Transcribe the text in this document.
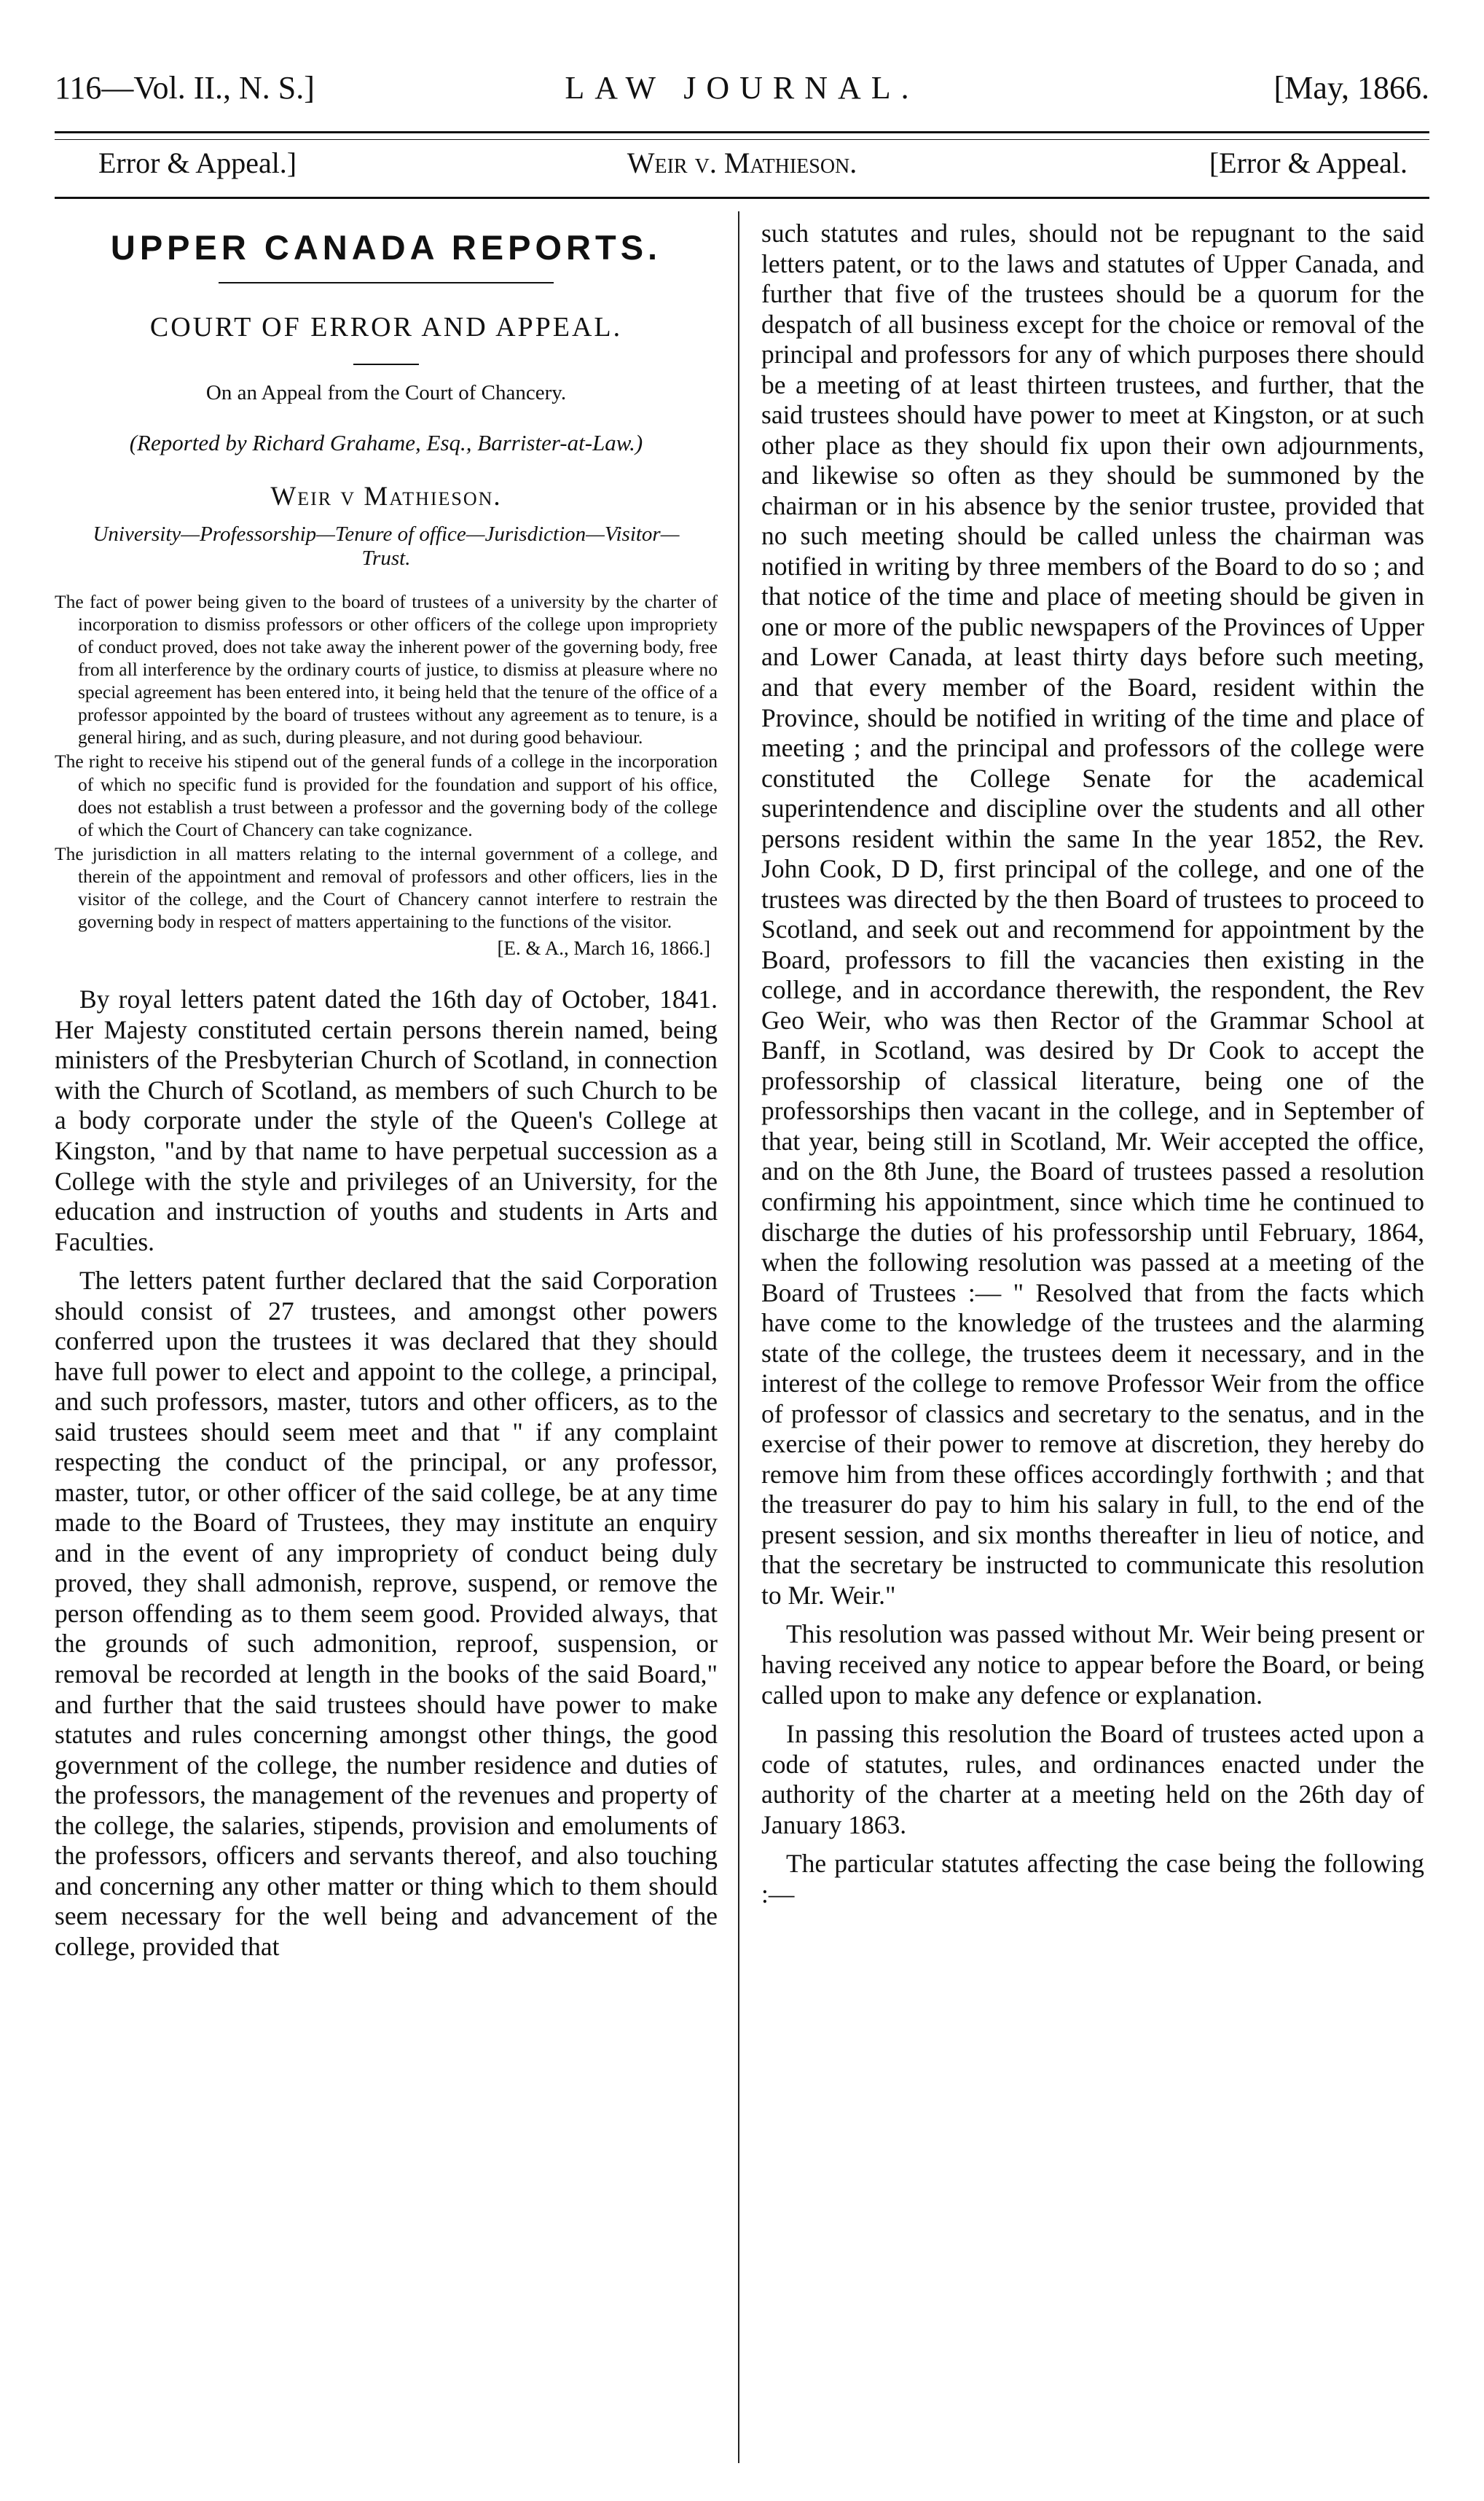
116—Vol. II., N. S.]	LAW JOURNAL.	[May, 1866.
Error & Appeal.]	Weir v. Mathieson.	[Error & Appeal.
UPPER CANADA REPORTS.
COURT OF ERROR AND APPEAL.
On an Appeal from the Court of Chancery.
(Reported by Richard Grahame, Esq., Barrister-at-Law.)
Weir v Mathieson.
University—Professorship—Tenure of office—Jurisdiction—Visitor—Trust.

The fact of power being given to the board of trustees of a university by the charter of incorporation to dismiss professors or other officers of the college upon impropriety of conduct proved, does not take away the inherent power of the governing body, free from all interference by the ordinary courts of justice, to dismiss at pleasure where no special agreement has been entered into, it being held that the tenure of the office of a professor appointed by the board of trustees without any agreement as to tenure, is a general hiring, and as such, during pleasure, and not during good behaviour.

The right to receive his stipend out of the general funds of a college in the incorporation of which no specific fund is provided for the foundation and support of his office, does not establish a trust between a professor and the governing body of the college of which the Court of Chancery can take cognizance.

The jurisdiction in all matters relating to the internal government of a college, and therein of the appointment and removal of professors and other officers, lies in the visitor of the college, and the Court of Chancery cannot interfere to restrain the governing body in respect of matters appertaining to the functions of the visitor.

[E. & A., March 16, 1866.]

By royal letters patent dated the 16th day of October, 1841. Her Majesty constituted certain persons therein named, being ministers of the Presbyterian Church of Scotland, in connection with the Church of Scotland, as members of such Church to be a body corporate under the style of the Queen's College at Kingston, "and by that name to have perpetual succession as a College with the style and privileges of an University, for the education and instruction of youths and students in Arts and Faculties.

The letters patent further declared that the said Corporation should consist of 27 trustees, and amongst other powers conferred upon the trustees it was declared that they should have full power to elect and appoint to the college, a principal, and such professors, master, tutors and other officers, as to the said trustees should seem meet and that " if any complaint respecting the conduct of the principal, or any professor, master, tutor, or other officer of the said college, be at any time made to the Board of Trustees, they may institute an enquiry and in the event of any impropriety of conduct being duly proved, they shall admonish, reprove, suspend, or remove the person offending as to them seem good. Provided always, that the grounds of such admonition, reproof, suspension, or removal be recorded at length in the books of the said Board," and further that the said trustees should have power to make statutes and rules concerning amongst other things, the good government of the college, the number residence and duties of the professors, the management of the revenues and property of the college, the salaries, stipends, provision and emoluments of the professors, officers and servants thereof, and also touching and concerning any other matter or thing which to them should seem necessary for the well being and advancement of the college, provided that

such statutes and rules, should not be repugnant to the said letters patent, or to the laws and statutes of Upper Canada, and further that five of the trustees should be a quorum for the despatch of all business except for the choice or removal of the principal and professors for any of which purposes there should be a meeting of at least thirteen trustees, and further, that the said trustees should have power to meet at Kingston, or at such other place as they should fix upon their own adjournments, and likewise so often as they should be summoned by the chairman or in his absence by the senior trustee, provided that no such meeting should be called unless the chairman was notified in writing by three members of the Board to do so ; and that notice of the time and place of meeting should be given in one or more of the public newspapers of the Provinces of Upper and Lower Canada, at least thirty days before such meeting, and that every member of the Board, resident within the Province, should be notified in writing of the time and place of meeting ; and the principal and professors of the college were constituted the College Senate for the academical superintendence and discipline over the students and all other persons resident within the same In the year 1852, the Rev. John Cook, D D, first principal of the college, and one of the trustees was directed by the then Board of trustees to proceed to Scotland, and seek out and recommend for appointment by the Board, professors to fill the vacancies then existing in the college, and in accordance therewith, the respondent, the Rev Geo Weir, who was then Rector of the Grammar School at Banff, in Scotland, was desired by Dr Cook to accept the professorship of classical literature, being one of the professorships then vacant in the college, and in September of that year, being still in Scotland, Mr. Weir accepted the office, and on the 8th June, the Board of trustees passed a resolution confirming his appointment, since which time he continued to discharge the duties of his professorship until February, 1864, when the following resolution was passed at a meeting of the Board of Trustees :— " Resolved that from the facts which have come to the knowledge of the trustees and the alarming state of the college, the trustees deem it necessary, and in the interest of the college to remove Professor Weir from the office of professor of classics and secretary to the senatus, and in the exercise of their power to remove at discretion, they hereby do remove him from these offices accordingly forthwith ; and that the treasurer do pay to him his salary in full, to the end of the present session, and six months thereafter in lieu of notice, and that the secretary be instructed to communicate this resolution to Mr. Weir."

This resolution was passed without Mr. Weir being present or having received any notice to appear before the Board, or being called upon to make any defence or explanation.

In passing this resolution the Board of trustees acted upon a code of statutes, rules, and ordinances enacted under the authority of the charter at a meeting held on the 26th day of January 1863.

The particular statutes affecting the case being the following :—
